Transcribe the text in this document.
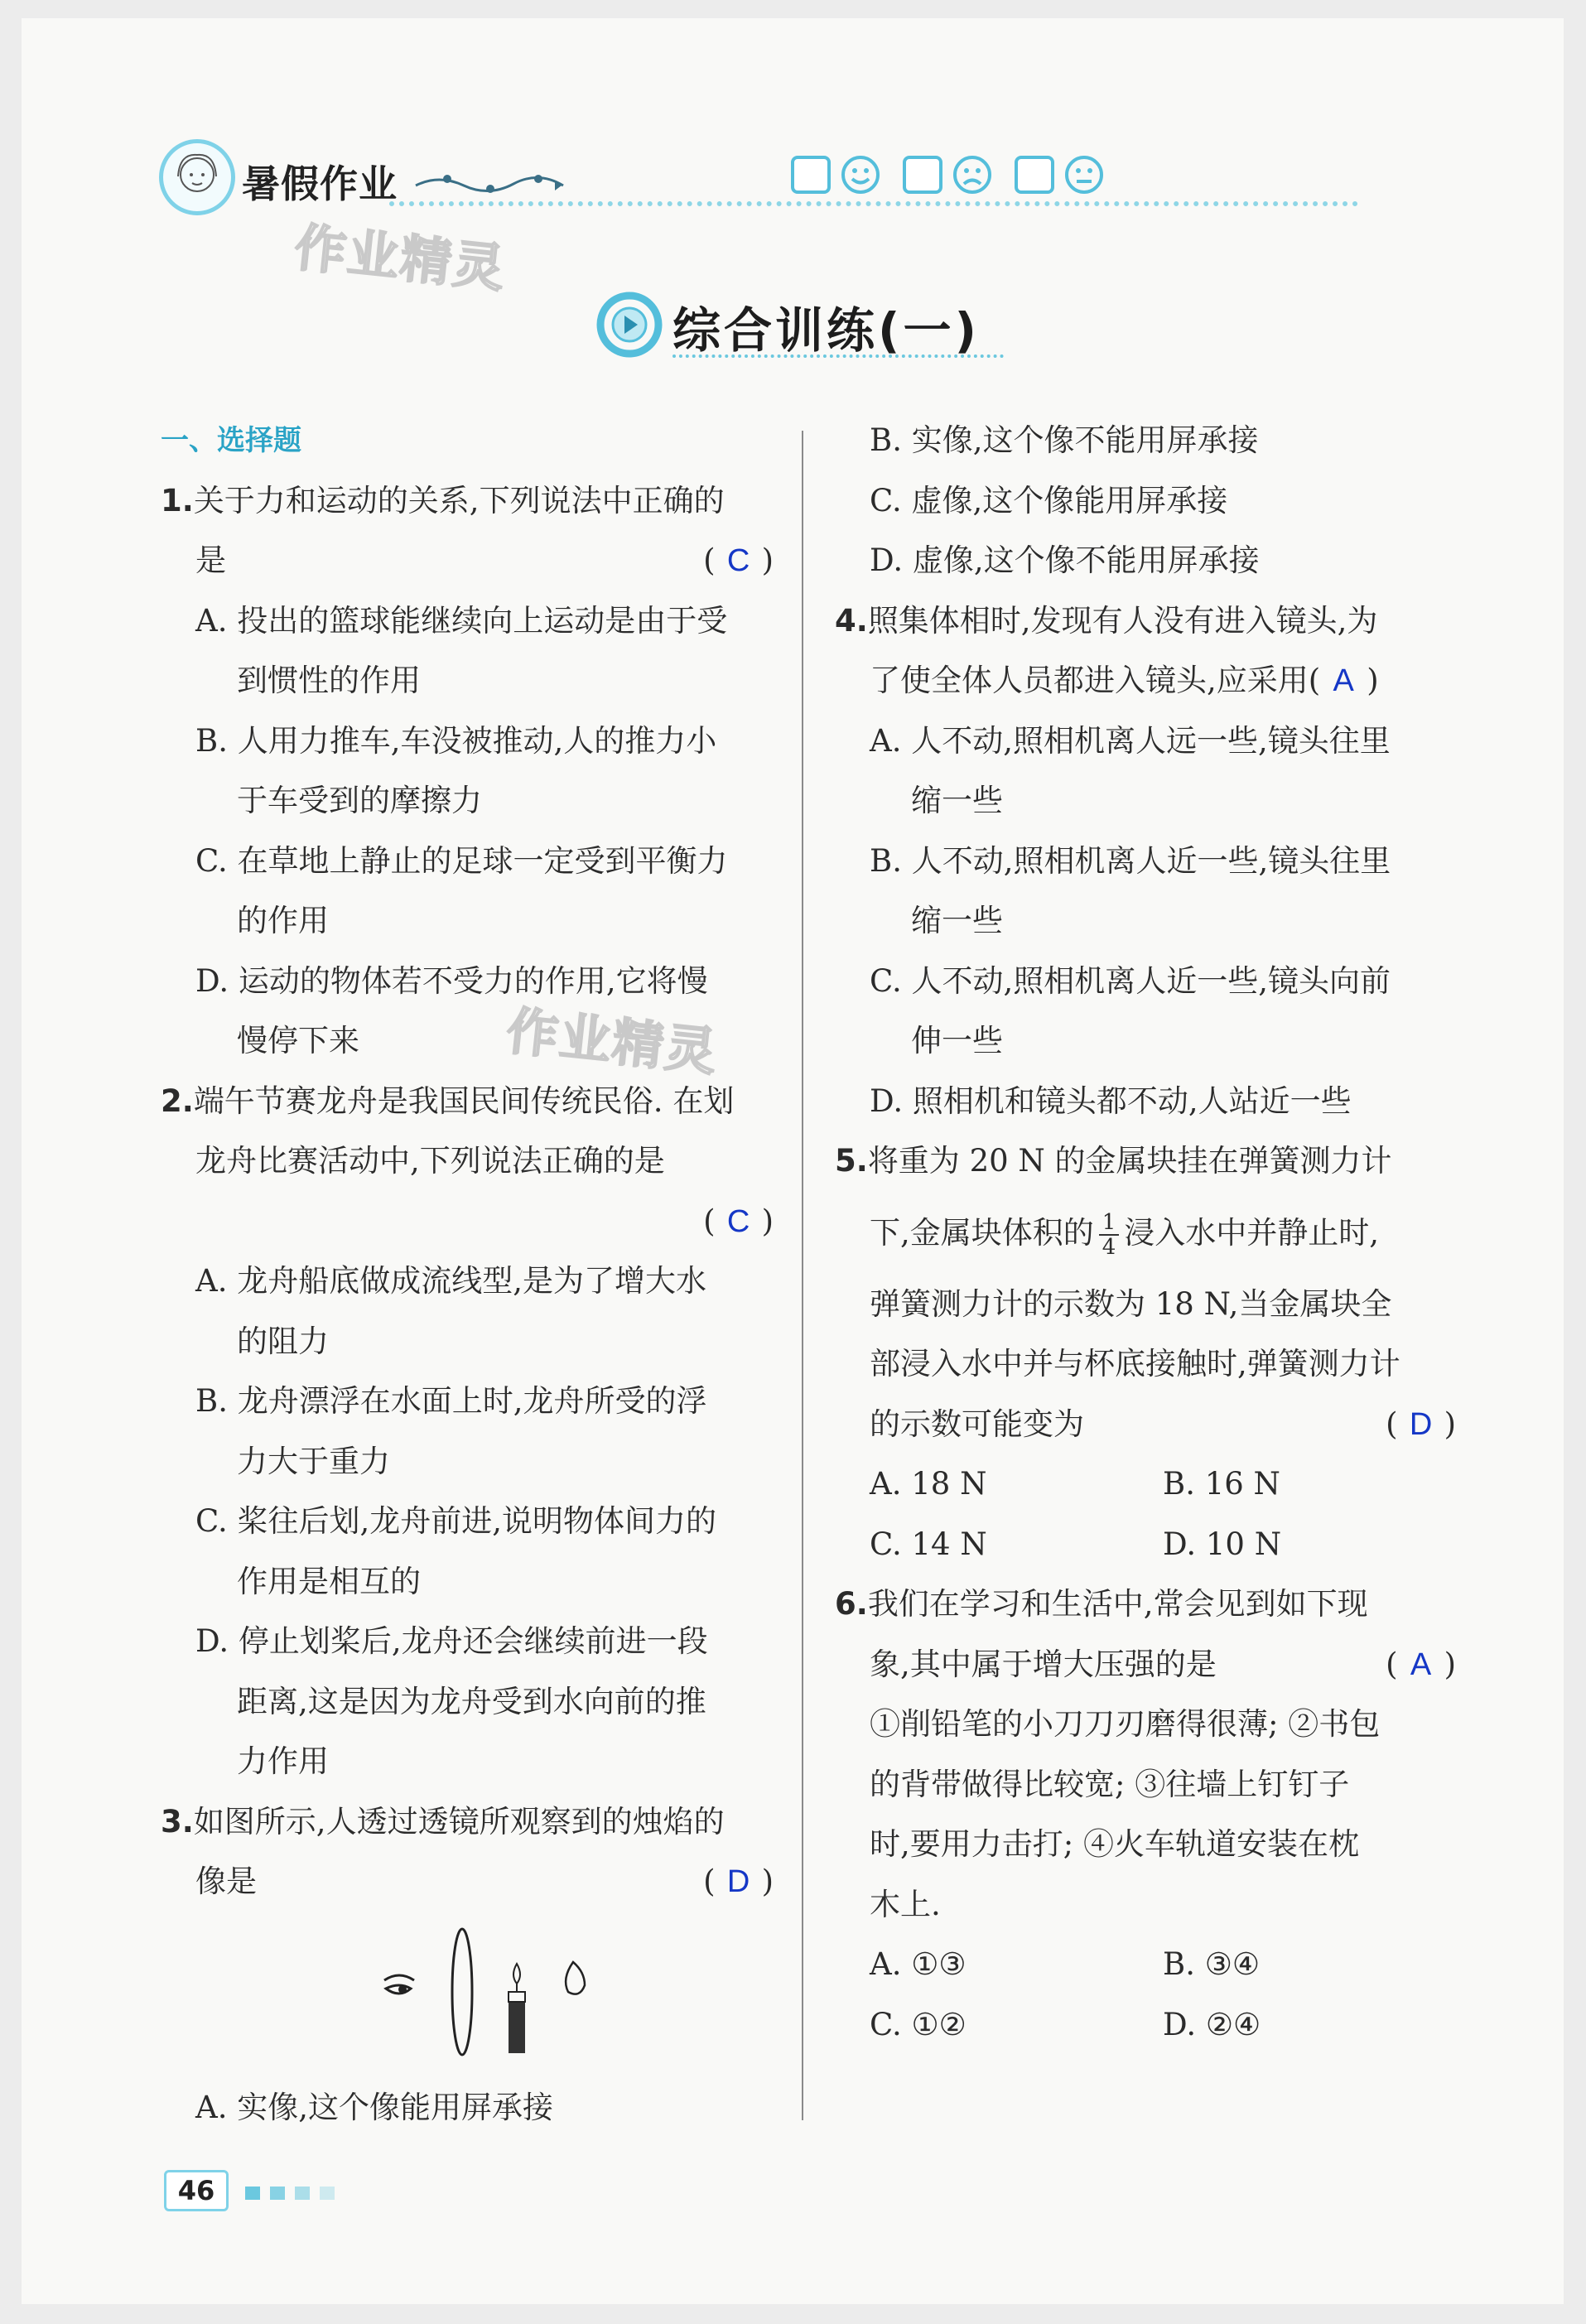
暑假作业

作业精灵
作业精灵
综合训练(一)
一、选择题
1.关于力和运动的关系,下列说法中正确的
是	( C )
A. 投出的篮球能继续向上运动是由于受
到惯性的作用
B. 人用力推车,车没被推动,人的推力小
于车受到的摩擦力
C. 在草地上静止的足球一定受到平衡力
的作用
D. 运动的物体若不受力的作用,它将慢
慢停下来
2.端午节赛龙舟是我国民间传统民俗. 在划
龙舟比赛活动中,下列说法正确的是
( C )
A. 龙舟船底做成流线型,是为了增大水
的阻力
B. 龙舟漂浮在水面上时,龙舟所受的浮
力大于重力
C. 桨往后划,龙舟前进,说明物体间力的
作用是相互的
D. 停止划桨后,龙舟还会继续前进一段
距离,这是因为龙舟受到水向前的推
力作用
3.如图所示,人透过透镜所观察到的烛焰的
像是	( D )
A. 实像,这个像能用屏承接
B. 实像,这个像不能用屏承接
C. 虚像,这个像能用屏承接
D. 虚像,这个像不能用屏承接
4.照集体相时,发现有人没有进入镜头,为
了使全体人员都进入镜头,应采用( A )
A. 人不动,照相机离人远一些,镜头往里
缩一些
B. 人不动,照相机离人近一些,镜头往里
缩一些
C. 人不动,照相机离人近一些,镜头向前
伸一些
D. 照相机和镜头都不动,人站近一些
5.将重为 20 N 的金属块挂在弹簧测力计
下,金属块体积的 $\frac{1}{4}$ 浸入水中并静止时,
弹簧测力计的示数为 18 N,当金属块全
部浸入水中并与杯底接触时,弹簧测力计
的示数可能变为	( D )
A. 18 N	B. 16 N
C. 14 N	D. 10 N
6.我们在学习和生活中,常会见到如下现
象,其中属于增大压强的是	( A )
①削铅笔的小刀刀刃磨得很薄; ②书包
的背带做得比较宽; ③往墙上钉钉子
时,要用力击打; ④火车轨道安装在枕
木上.
A. ①③	B. ③④
C. ①②	D. ②④
46
